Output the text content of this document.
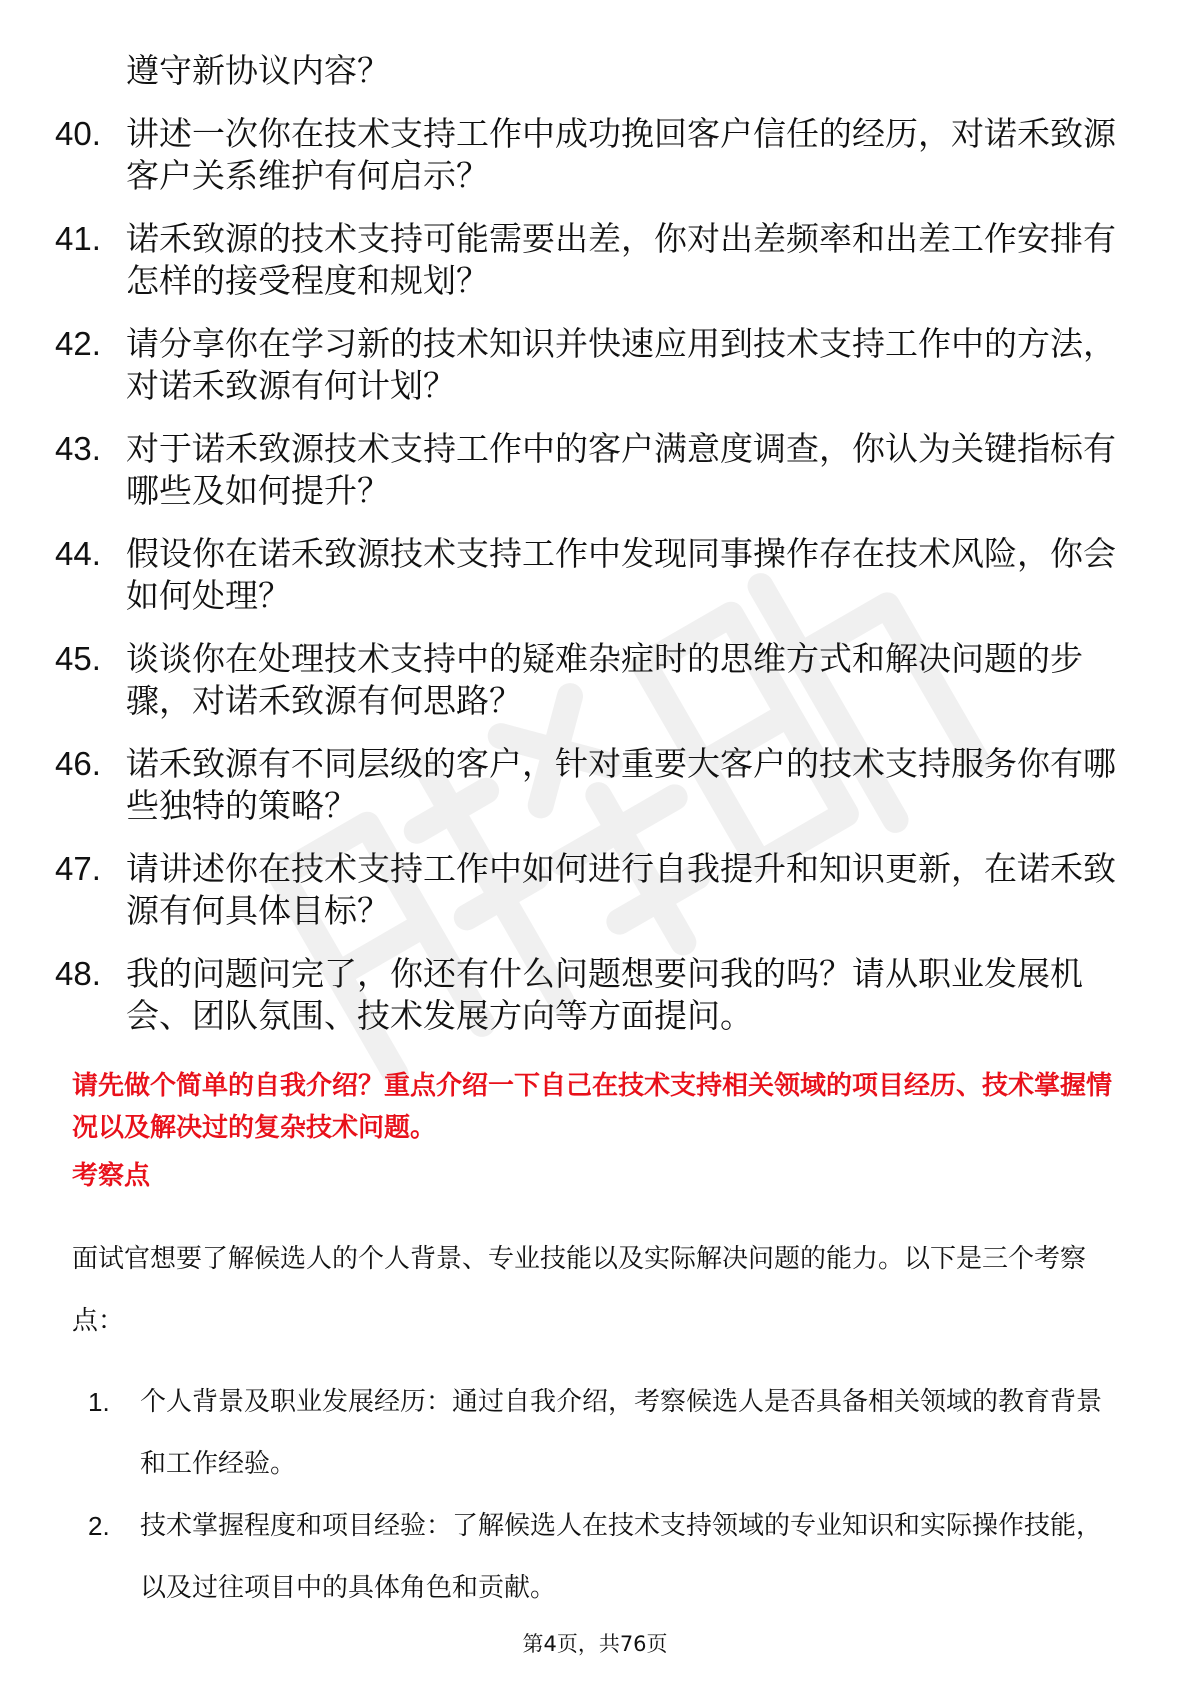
遵守新协议内容？
40. 讲述一次你在技术支持工作中成功挽回客户信任的经历，对诺禾致源客户关系维护有何启示？
41. 诺禾致源的技术支持可能需要出差，你对出差频率和出差工作安排有怎样的接受程度和规划？
42. 请分享你在学习新的技术知识并快速应用到技术支持工作中的方法，对诺禾致源有何计划？
43. 对于诺禾致源技术支持工作中的客户满意度调查，你认为关键指标有哪些及如何提升？
44. 假设你在诺禾致源技术支持工作中发现同事操作存在技术风险，你会如何处理？
45. 谈谈你在处理技术支持中的疑难杂症时的思维方式和解决问题的步骤，对诺禾致源有何思路？
46. 诺禾致源有不同层级的客户，针对重要大客户的技术支持服务你有哪些独特的策略？
47. 请讲述你在技术支持工作中如何进行自我提升和知识更新，在诺禾致源有何具体目标？
48. 我的问题问完了，你还有什么问题想要问我的吗？请从职业发展机会、团队氛围、技术发展方向等方面提问。

请先做个简单的自我介绍？重点介绍一下自己在技术支持相关领域的项目经历、技术掌握情况以及解决过的复杂技术问题。

考察点

面试官想要了解候选人的个人背景、专业技能以及实际解决问题的能力。以下是三个考察点：

1.	个人背景及职业发展经历：通过自我介绍，考察候选人是否具备相关领域的教育背景和工作经验。
2.	技术掌握程度和项目经验：了解候选人在技术支持领域的专业知识和实际操作技能，以及过往项目中的具体角色和贡献。

第4页，共76页
